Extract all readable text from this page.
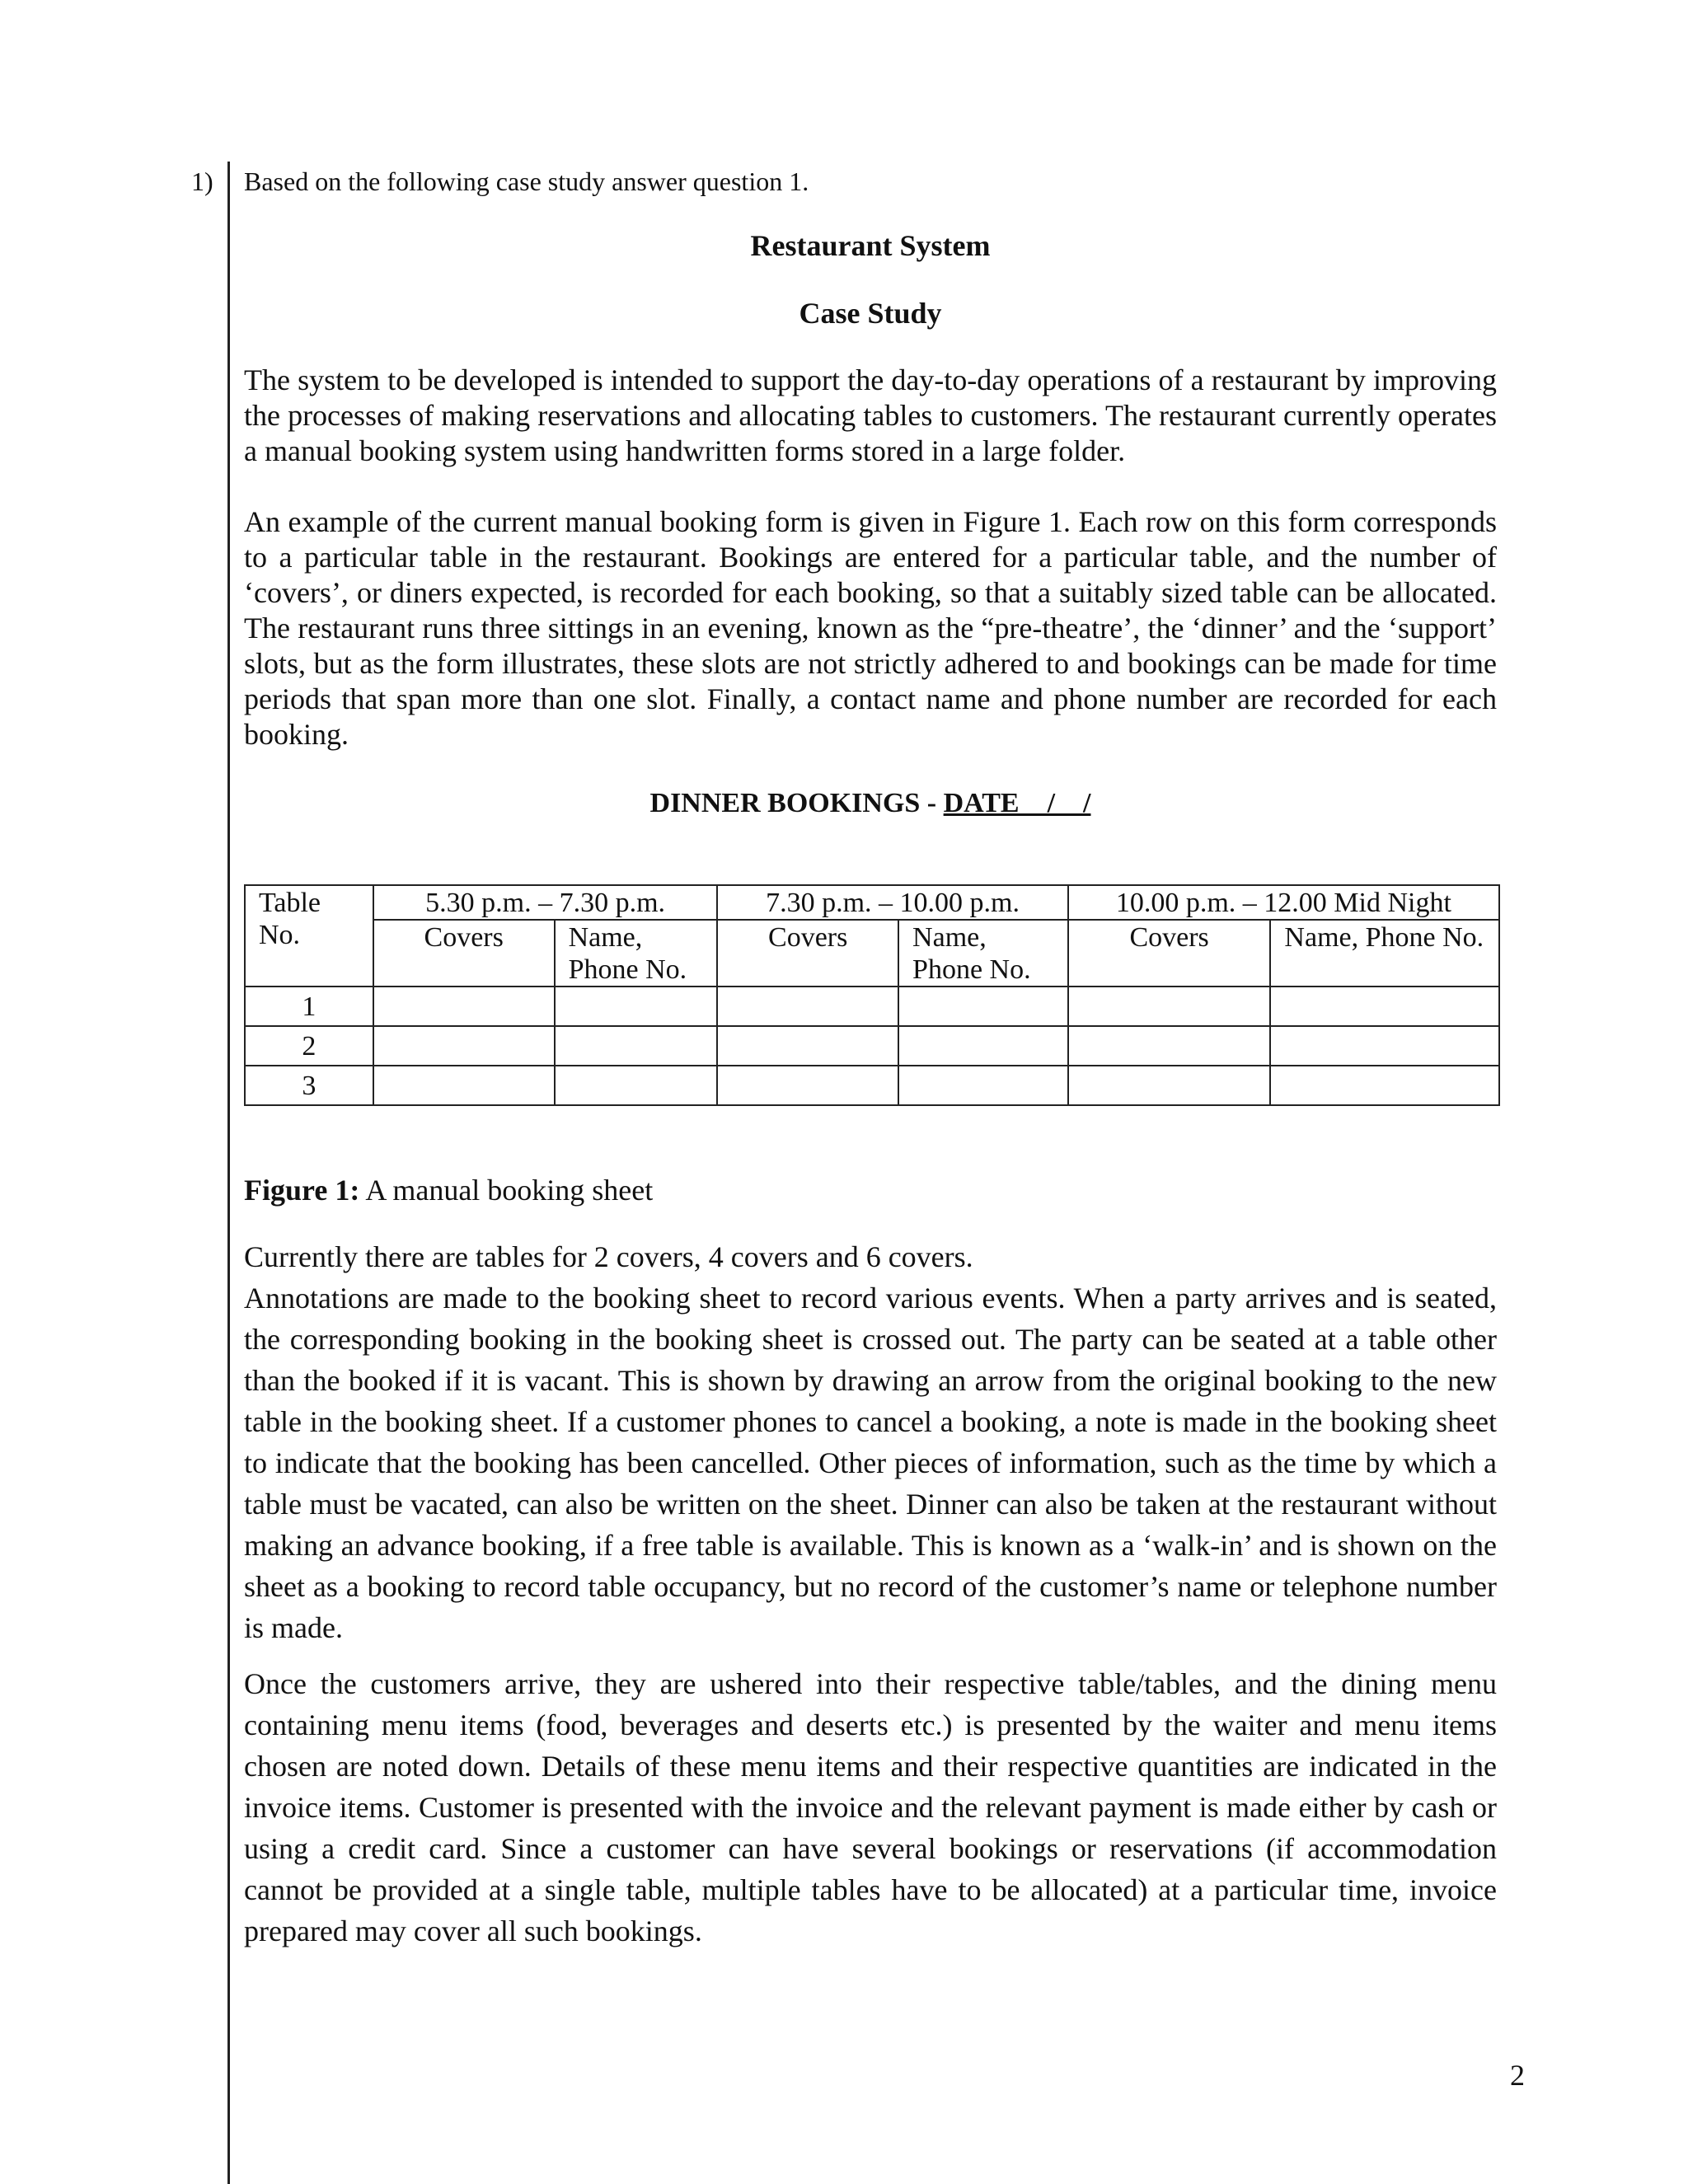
1) Based on the following case study answer question 1.

Restaurant System

Case Study

The system to be developed is intended to support the day-to-day operations of a restaurant by improving the processes of making reservations and allocating tables to customers. The restaurant currently operates a manual booking system using handwritten forms stored in a large folder.

An example of the current manual booking form is given in Figure 1. Each row on this form corresponds to a particular table in the restaurant. Bookings are entered for a particular table, and the number of ‘covers’, or diners expected, is recorded for each booking, so that a suitably sized table can be allocated. The restaurant runs three sittings in an evening, known as the “pre-theatre’, the ‘dinner’ and the ‘support’ slots, but as the form illustrates, these slots are not strictly adhered to and bookings can be made for time periods that span more than one slot. Finally, a contact name and phone number are recorded for each booking.

DINNER BOOKINGS - DATE    /    /
Table No.	5.30 p.m. – 7.30 p.m.		7.30 p.m. – 10.00 p.m.		10.00 p.m. – 12.00 Mid Night	
	Covers	Name, Phone No.	Covers	Name, Phone No.	Covers	Name, Phone No.
1						
2						
3						
Figure 1: A manual booking sheet

Currently there are tables for 2 covers, 4 covers and 6 covers.

Annotations are made to the booking sheet to record various events. When a party arrives and is seated, the corresponding booking in the booking sheet is crossed out. The party can be seated at a table other than the booked if it is vacant. This is shown by drawing an arrow from the original booking to the new table in the booking sheet. If a customer phones to cancel a booking, a note is made in the booking sheet to indicate that the booking has been cancelled. Other pieces of information, such as the time by which a table must be vacated, can also be written on the sheet. Dinner can also be taken at the restaurant without making an advance booking, if a free table is available. This is known as a ‘walk-in’ and is shown on the sheet as a booking to record table occupancy, but no record of the customer’s name or telephone number is made.

Once the customers arrive, they are ushered into their respective table/tables, and the dining menu containing menu items (food, beverages and deserts etc.) is presented by the waiter and menu items chosen are noted down. Details of these menu items and their respective quantities are indicated in the invoice items. Customer is presented with the invoice and the relevant payment is made either by cash or using a credit card. Since a customer can have several bookings or reservations (if accommodation cannot be provided at a single table, multiple tables have to be allocated) at a particular time, invoice prepared may cover all such bookings.

2
